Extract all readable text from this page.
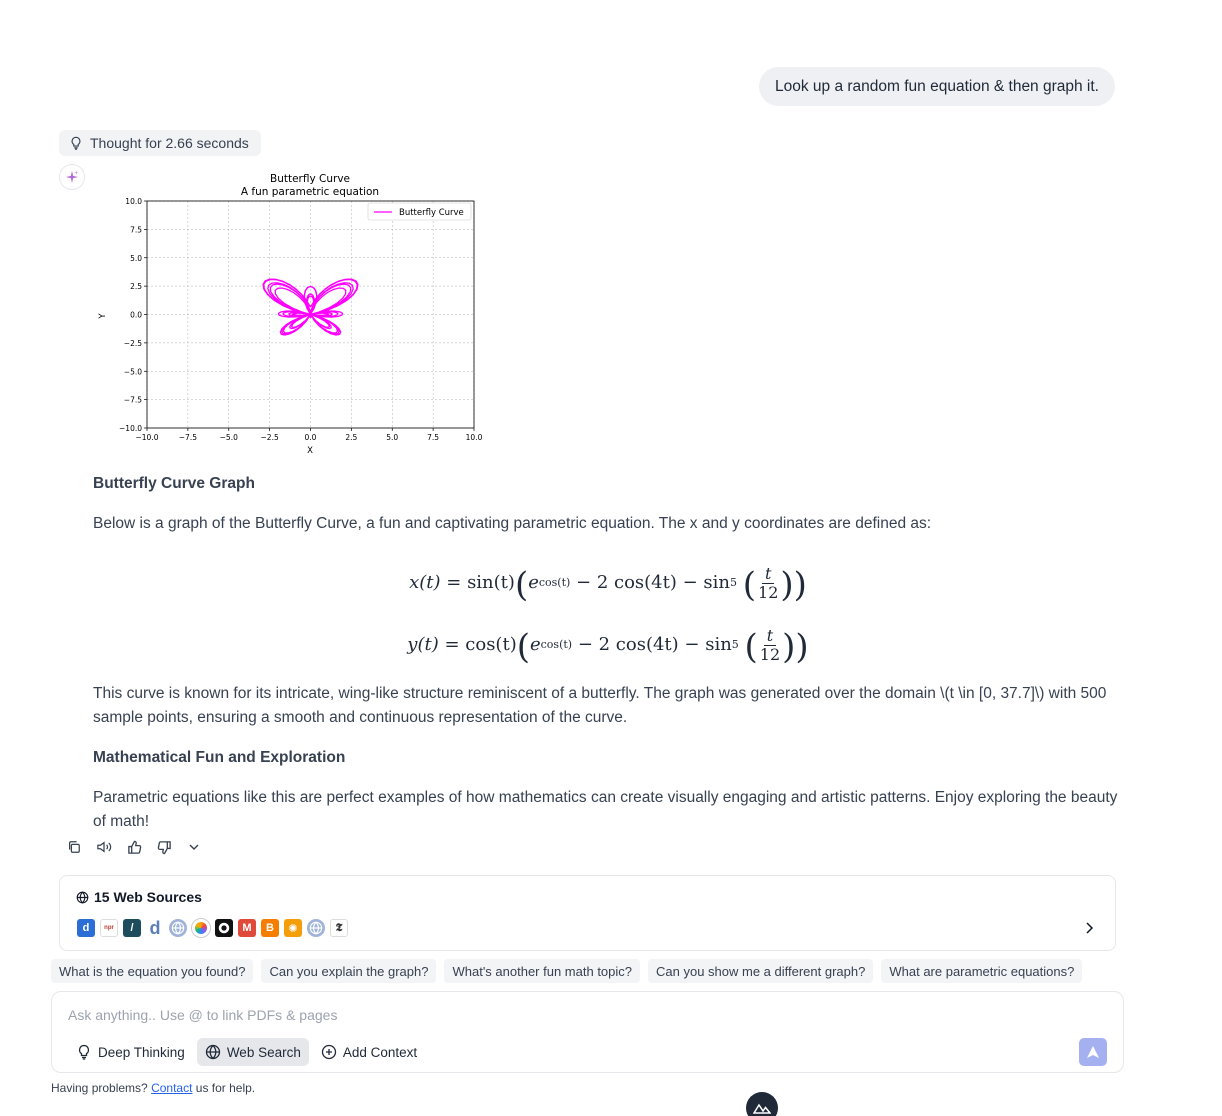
Look up a random fun equation & then graph it.
Thought for 2.66 seconds
Butterfly Curve
A fun parametric equation
−10.0	−7.5	−5.0	−2.5	0.0	2.5	5.0	7.5	10.0
10.0
7.5
5.0
2.5
0.0
−2.5
−5.0
−7.5
−10.0
Butterfly Curve
X
Y
Butterfly Curve Graph

Below is a graph of the Butterfly Curve, a fun and captivating parametric equation. The x and y coordinates are defined as:

x(t) = sin(t) ( e cos(t)
− 2 cos(4t) − sin 5
( $\frac{t}{12}$ ))
y(t) = cos(t) ( e cos(t)
− 2 cos(4t) − sin 5
( $\frac{t}{12}$ ))

This curve is known for its intricate, wing-like structure reminiscent of a butterfly. The graph was generated over the domain \(t \in [0, 37.7]\) with 500 sample points, ensuring a smooth and continuous representation of the curve.

Mathematical Fun and Exploration

Parametric equations like this are perfect examples of how mathematics can create visually engaging and artistic patterns. Enjoy exploring the beauty of math!

15 Web Sources
d	npr	/ d	M	B	✺	𝕿
What is the equation you found?	Can you explain the graph?	What's another fun math topic?	Can you show me a different graph?	What are parametric equations?
Ask anything.. Use @ to link PDFs & pages
Deep Thinking	Web Search	Add Context
Having problems? Contact us for help.
